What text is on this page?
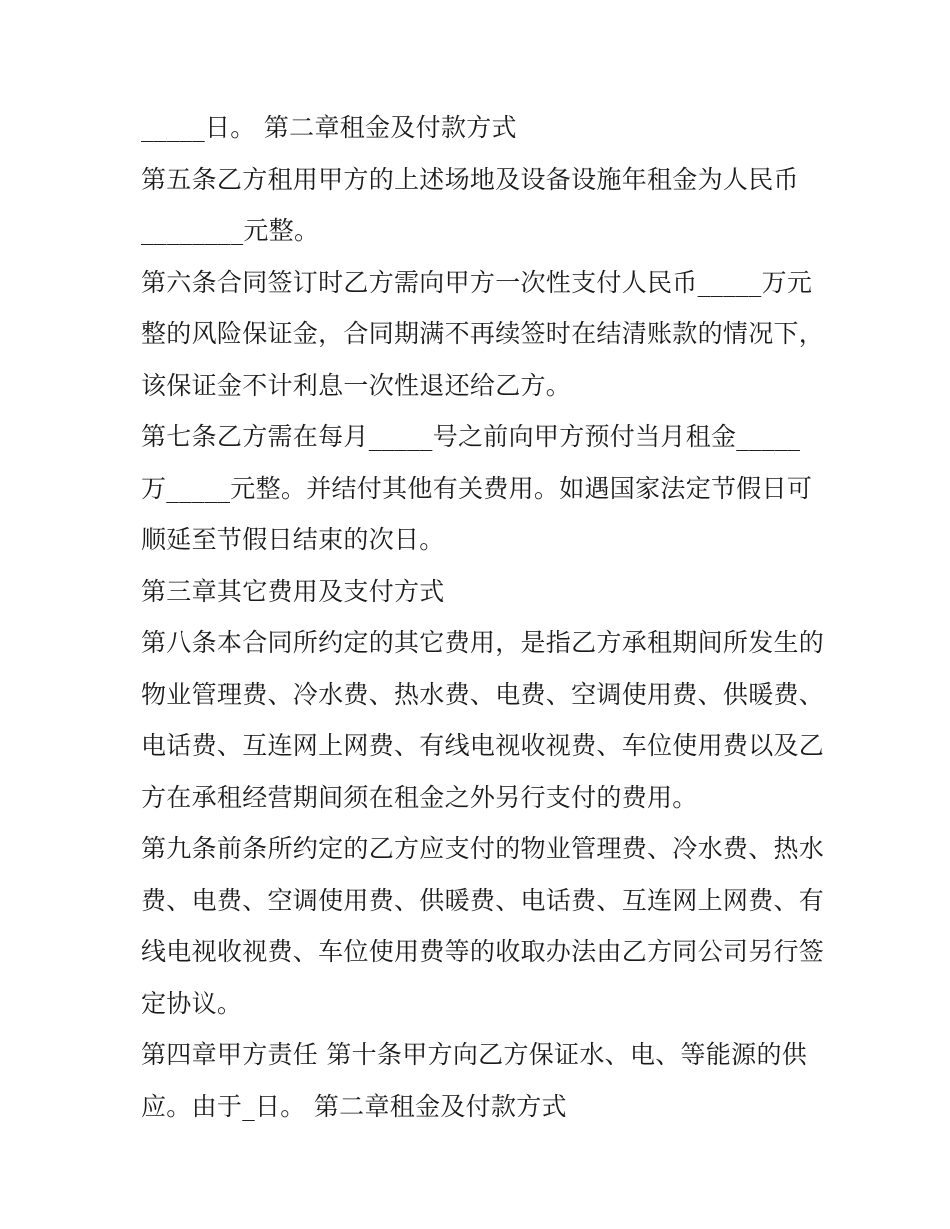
_____日。 第二章租金及付款方式
第五条乙方租用甲方的上述场地及设备设施年租金为人民币
________元整。
第六条合同签订时乙方需向甲方一次性支付人民币_____万元
整的风险保证金，合同期满不再续签时在结清账款的情况下，
该保证金不计利息一次性退还给乙方。
第七条乙方需在每月_____号之前向甲方预付当月租金_____
万_____元整。并结付其他有关费用。如遇国家法定节假日可
顺延至节假日结束的次日。
第三章其它费用及支付方式
第八条本合同所约定的其它费用，是指乙方承租期间所发生的
物业管理费、冷水费、热水费、电费、空调使用费、供暖费、
电话费、互连网上网费、有线电视收视费、车位使用费以及乙
方在承租经营期间须在租金之外另行支付的费用。
第九条前条所约定的乙方应支付的物业管理费、冷水费、热水
费、电费、空调使用费、供暖费、电话费、互连网上网费、有
线电视收视费、车位使用费等的收取办法由乙方同公司另行签
定协议。
第四章甲方责任 第十条甲方向乙方保证水、电、等能源的供
应。由于_日。 第二章租金及付款方式
